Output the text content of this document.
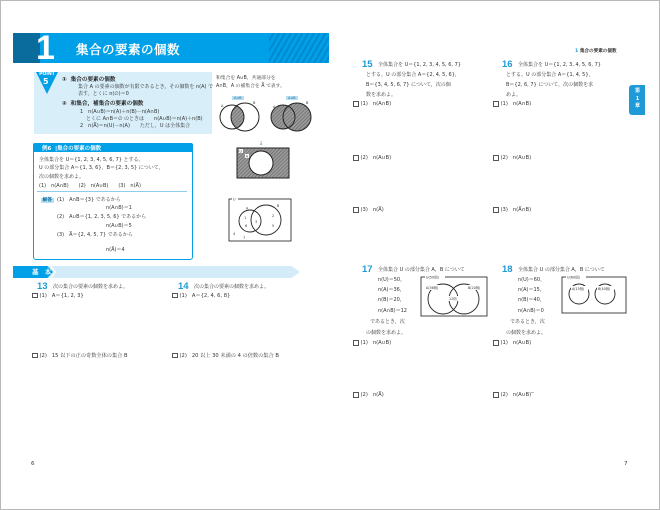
1 集合の要素の個数
POINT
5 ① 集合の要素の個数
集合 A の要素の個数が有限であるとき，その個数を n(A) で
表す。とくに n(∅)＝0
② 和集合，補集合の要素の個数
1　n(A∪B)＝n(A)＋n(B)－n(A∩B)
とくに A∩B＝∅ のときは　　n(A∪B)＝n(A)＋n(B)
2　n(A̅)＝n(U)－n(A)　　ただし，U は全体集合
和集合を A∪B，共通部分を
A∩B，A の補集合を A̅ で表す。
A∩B	A∪B
A̅
A
B
A
B
U
A
例6  |集合の要素の個数
全体集合を U＝{1, 2, 3, 4, 5, 6, 7} とする。
U の部分集合 A＝{1, 3, 6}，B＝{2, 3, 5} について，
次の個数を求めよ。
(1)　n(A∩B)　　(2)　n(A∪B)　　(3)　n(A̅)
解答 (1)　A∩B＝{3} であるから
n(A∩B)＝1
(2)　A∪B＝{1, 2, 3, 5, 6} であるから
n(A∪B)＝5
(3)　A̅＝{2, 4, 5, 7} であるから
n(A̅)＝4
U
A
B
1
6
3
2
5
4
7
基 本
13 次の集合の要素の個数を求めよ。
(1) A＝{1, 2, 3}
(2) 15 以下の正の奇数全体の集合 B
14 次の集合の要素の個数を求めよ。
(1) A＝{2, 4, 6, 8}
(2) 20 以上 30 未満の 4 の倍数の集合 B
6
1 集合の要素の個数
第
1
章
15 全体集合を U＝{1, 2, 3, 4, 5, 6, 7}
とする。U の部分集合 A＝{2, 4, 5, 6}，
B＝{3, 4, 5, 6, 7} について，次の個
数を求めよ。
(1) n(A∩B)
(2) n(A∪B)
(3) n(A̅)
16 全体集合を U＝{1, 2, 3, 4, 5, 6, 7}
とする。U の部分集合 A＝{1, 4, 5}，
B＝{2, 6, 7} について，次の個数を求
めよ。
(1) n(A∩B)
(2) n(A∪B)
(3) n(A̅∩B)
17 全体集合 U の部分集合 A，B について
n(U)＝50，
n(A)＝36，
n(B)＝20，
n(A∩B)＝12
であるとき，次
の個数を求めよ。
U(50個)
A(36個)	B(20個)
12個
(1) n(A∪B)
(2) n(A̅)
18 全体集合 U の部分集合 A，B について
n(U)＝60，
n(A)＝15，
n(B)＝40，
n(A∩B)＝0
であるとき，次
の個数を求めよ。
U(60個)
A(15個)	B(40個)
(1) n(A∪B)
(2) n(A∪B)‾
7
